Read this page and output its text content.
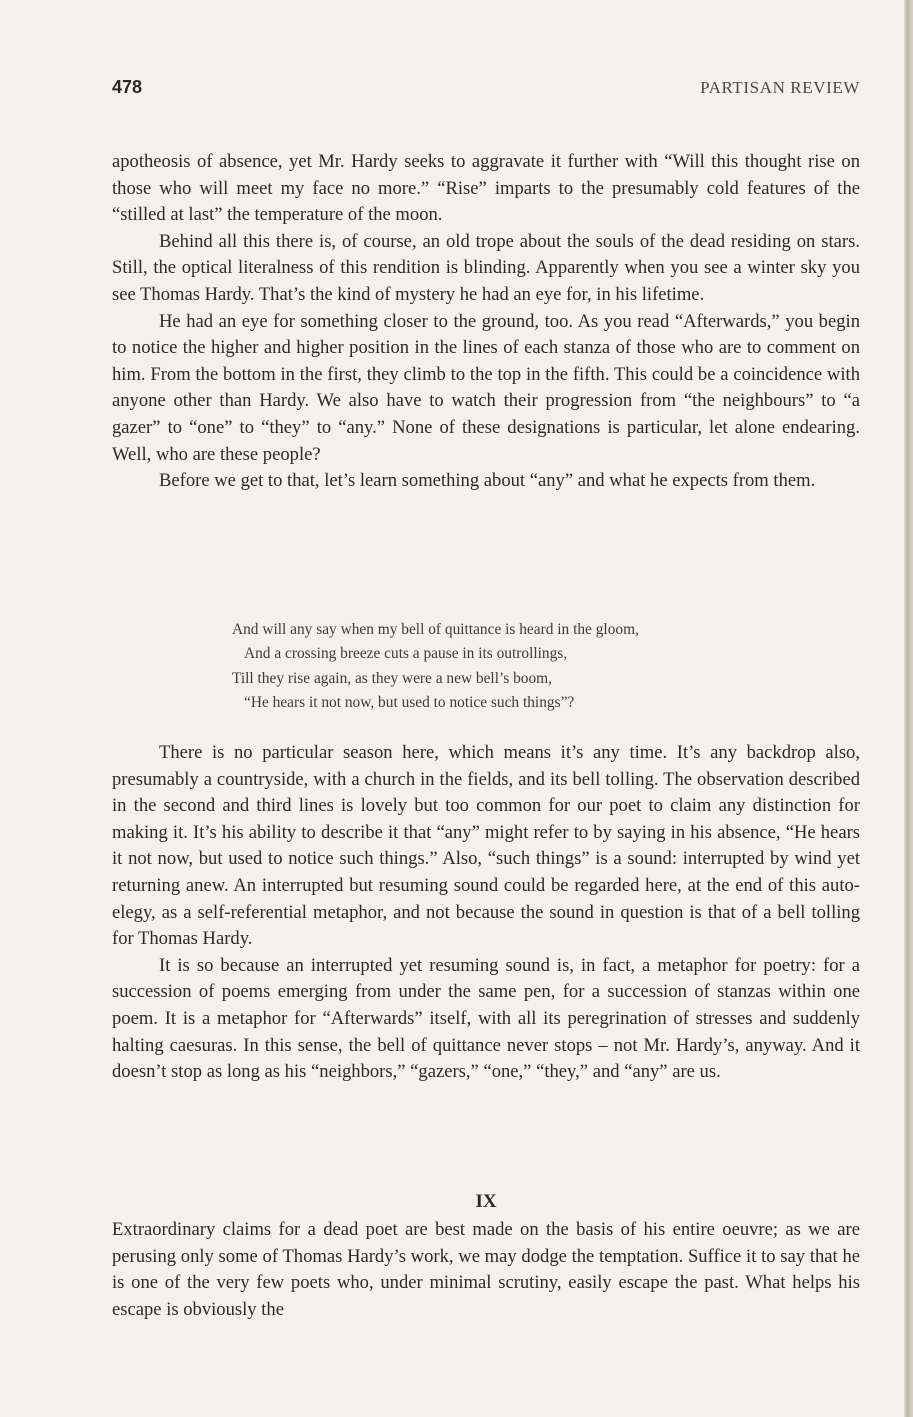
478	PARTISAN REVIEW

apotheosis of absence, yet Mr. Hardy seeks to aggravate it further with “Will this thought rise on those who will meet my face no more.” “Rise” imparts to the presumably cold features of the “stilled at last” the temperature of the moon.

Behind all this there is, of course, an old trope about the souls of the dead residing on stars. Still, the optical literalness of this rendition is blinding. Apparently when you see a winter sky you see Thomas Hardy. That’s the kind of mystery he had an eye for, in his lifetime.

He had an eye for something closer to the ground, too. As you read “Afterwards,” you begin to notice the higher and higher position in the lines of each stanza of those who are to comment on him. From the bottom in the first, they climb to the top in the fifth. This could be a coincidence with anyone other than Hardy. We also have to watch their progression from “the neighbours” to “a gazer” to “one” to “they” to “any.” None of these designations is particular, let alone endearing. Well, who are these people?

Before we get to that, let’s learn something about “any” and what he expects from them.

And will any say when my bell of quittance is heard in the gloom,
And a crossing breeze cuts a pause in its outrollings,
Till they rise again, as they were a new bell’s boom,
“He hears it not now, but used to notice such things”?

There is no particular season here, which means it’s any time. It’s any backdrop also, presumably a countryside, with a church in the fields, and its bell tolling. The observation described in the second and third lines is lovely but too common for our poet to claim any distinction for making it. It’s his ability to describe it that “any” might refer to by saying in his absence, “He hears it not now, but used to notice such things.” Also, “such things” is a sound: interrupted by wind yet returning anew. An interrupted but resuming sound could be regarded here, at the end of this auto-elegy, as a self-referential metaphor, and not because the sound in question is that of a bell tolling for Thomas Hardy.

It is so because an interrupted yet resuming sound is, in fact, a metaphor for poetry: for a succession of poems emerging from under the same pen, for a succession of stanzas within one poem. It is a metaphor for “Afterwards” itself, with all its peregrination of stresses and suddenly halting caesuras. In this sense, the bell of quittance never stops – not Mr. Hardy’s, anyway. And it doesn’t stop as long as his “neighbors,” “gazers,” “one,” “they,” and “any” are us.

IX

Extraordinary claims for a dead poet are best made on the basis of his entire oeuvre; as we are perusing only some of Thomas Hardy’s work, we may dodge the temptation. Suffice it to say that he is one of the very few poets who, under minimal scrutiny, easily escape the past. What helps his escape is obviously the
